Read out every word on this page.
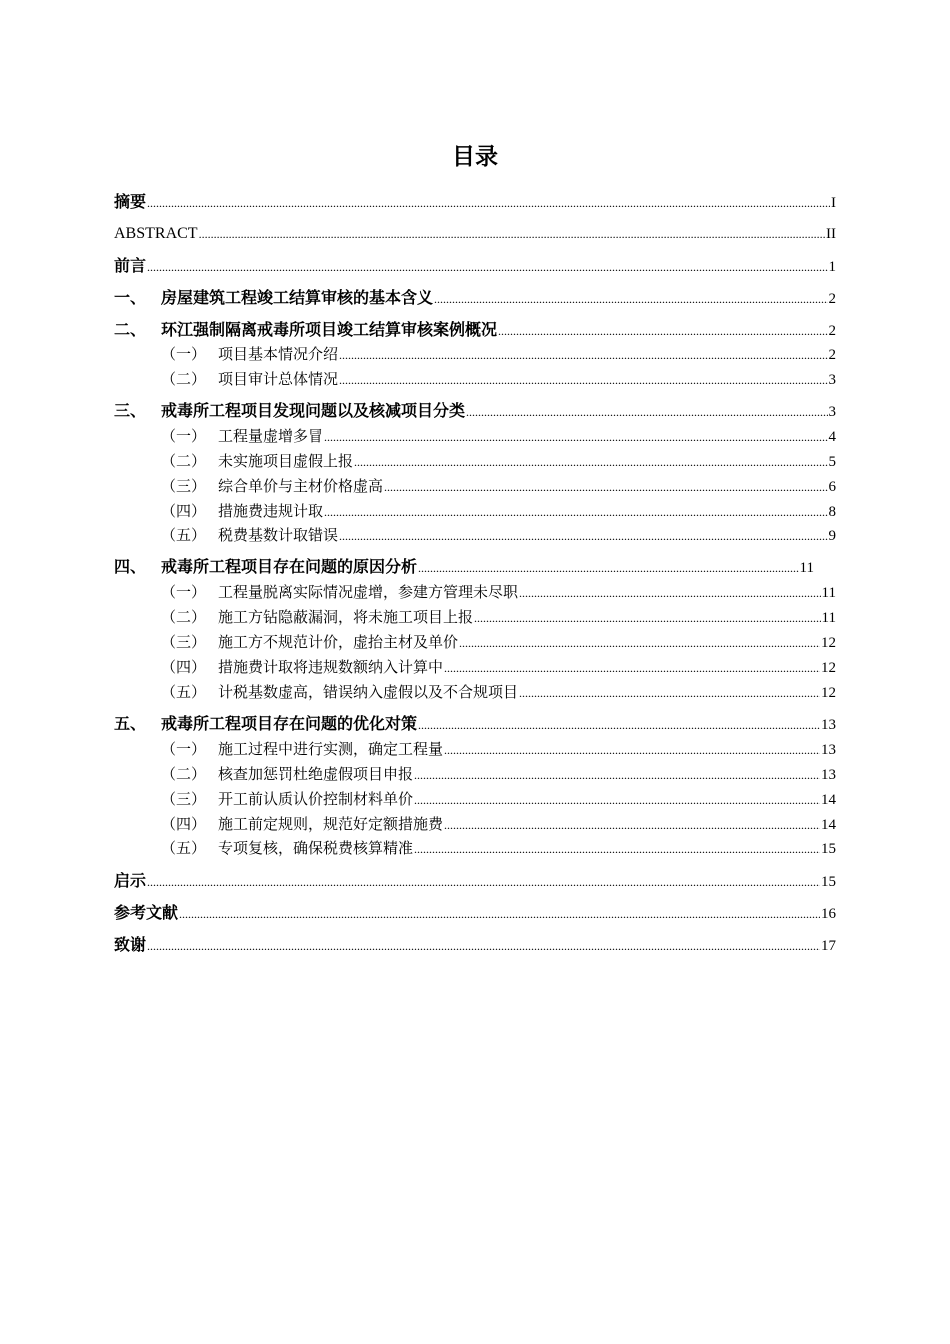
目录
摘要 .....	I
ABSTRACT .....	II
前言 .....	1
一、 房屋建筑工程竣工结算审核的基本含义 .....	2
二、 环江强制隔离戒毒所项目竣工结算审核案例概况 .....	2
（一） 项目基本情况介绍 .....	2
（二） 项目审计总体情况 .....	3
三、 戒毒所工程项目发现问题以及核减项目分类 .....	3
（一） 工程量虚增多冒 .....	4
（二） 未实施项目虚假上报 .....	5
（三） 综合单价与主材价格虚高 .....	6
（四） 措施费违规计取 .....	8
（五） 税费基数计取错误 .....	9
四、 戒毒所工程项目存在问题的原因分析 .....	11
（一） 工程量脱离实际情况虚增，参建方管理未尽职 .....	11
（二） 施工方钻隐蔽漏洞，将未施工项目上报 .....	11
（三） 施工方不规范计价，虚抬主材及单价 .....	12
（四） 措施费计取将违规数额纳入计算中 .....	12
（五） 计税基数虚高，错误纳入虚假以及不合规项目 .....	12
五、 戒毒所工程项目存在问题的优化对策 .....	13
（一） 施工过程中进行实测，确定工程量 .....	13
（二） 核查加惩罚杜绝虚假项目申报 .....	13
（三） 开工前认质认价控制材料单价 .....	14
（四） 施工前定规则，规范好定额措施费 .....	14
（五） 专项复核，确保税费核算精准 .....	15
启示 .....	15
参考文献 .....	16
致谢 .....	17
